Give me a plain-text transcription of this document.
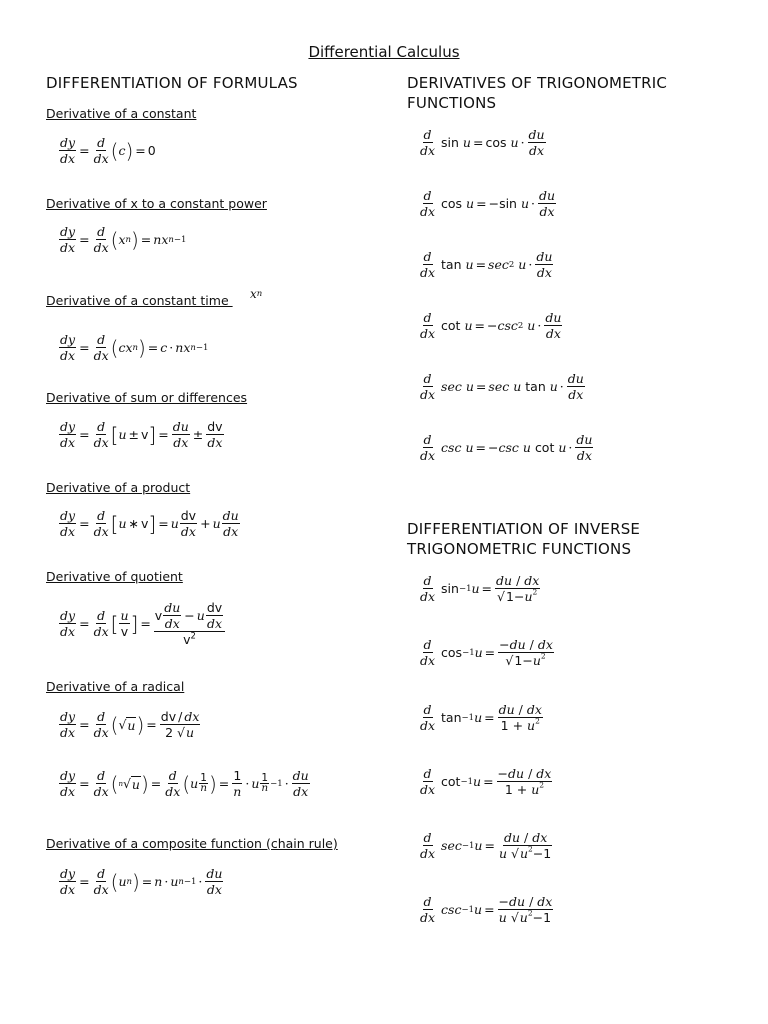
Differential Calculus
DIFFERENTIATION OF FORMULAS
Derivative of a constant
$\frac{dy}{dx} = \frac{d}{dx}$ ( c ) = 0
Derivative of x to a constant power
$\frac{dy}{dx} = \frac{d}{dx}$ ( x n ) = nx n−1
Derivative of a constant time x n
$\frac{dy}{dx} = \frac{d}{dx}$ ( cx n ) = c · nx n−1
Derivative of sum or differences
$\frac{dy}{dx} = \frac{d}{dx}$ [ u ± v ] = $\frac{du}{dx} \pm \frac{dv}{dx}$
Derivative of a product
$\frac{dy}{dx} = \frac{d}{dx}$ [ u ∗ v ] = u
dv
dx
+ u
du
dx
Derivative of quotient
$\frac{dy}{dx} = \frac{d}{dx}$ [ u
v ] =
v
du
dx
− u
dv
dx
$v^2$
Derivative of a radical
$\frac{dy}{dx} = \frac{d}{dx}$ ( √ u ) = $\frac{dv / dx}{2 √u}$
$\frac{dy}{dx} = \frac{d}{dx}$ ( n √ u ) = $\frac{d}{dx}$ ( u $\frac{1}{n}$ ) = $\frac{1}{n} \cdot u \frac{1}{n} -1$ ·
du
dx
Derivative of a composite function (chain rule)
$\frac{dy}{dx} = \frac{d}{dx}$ ( u n ) = n · u n−1 ·
du
dx
DERIVATIVES OF TRIGONOMETRIC
FUNCTIONS
d
dx
sin u = cos
u ·
du
dx
d
dx
cos u = −sin
u ·
du
dx
d
dx
tan u = sec 2
u ·
du
dx
d
dx
cot u = − csc 2
u ·
du
dx
d
dx

sec
u = sec
u
tan
u ·
du
dx
d
dx

csc
u = − csc
u
cot
u ·
du
dx
DIFFERENTIATION OF INVERSE
TRIGONOMETRIC FUNCTIONS
d
dx
sin −1 $u = \frac{du / dx}{√1-u^2}$
d
dx
cos −1 $u = \frac{-du / dx}{√1-u^2}$
d
dx
tan −1 $u = \frac{du / dx}{1 + u^2}$
d
dx
cot −1 $u = \frac{-du / dx}{1 + u^2}$
d
dx

sec −1 $u = \frac{du / dx}{u √u^2-1}$
d
dx

csc −1 $u = \frac{-du / dx}{u √u^2-1}$
